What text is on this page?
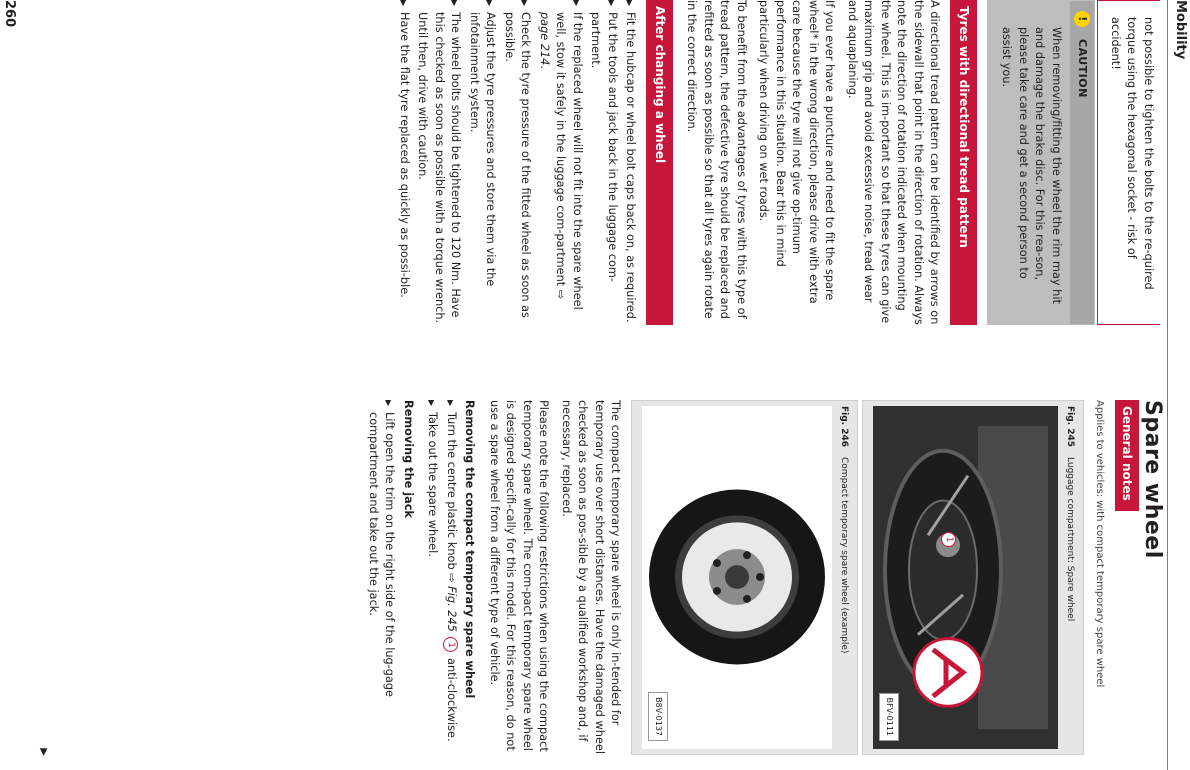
Mobility
not possible to tighten the bolts to the re-quired torque using the hexagonal socket - risk of accident!
!
CAUTION
When removing/fitting the wheel the rim may hit and damage the brake disc. For this rea-son, please take care and get a second person to assist you.
Tyres with directional tread pattern

A directional tread pattern can be identified by arrows on the sidewall that point in the direction of rotation. Always note the direction of rotation indicated when mounting the wheel. This is im-portant so that these tyres can give maximum grip and avoid excessive noise, tread wear and aquaplaning.

If you ever have a puncture and need to fit the spare wheel* in the wrong direction, please drive with extra care because the tyre will not give op-timum performance in this situation. Bear this in mind particularly when driving on wet roads.

To benefit from the advantages of tyres with this type of tread pattern, the defective tyre should be replaced and refitted as soon as possible so that all tyres again rotate in the correct direction.

After changing a wheel
▶ Fit the hubcap or wheel bolt caps back on, as required.
▶ Put the tools and jack back in the luggage com-partment.
▶ If the replaced wheel will not fit into the spare wheel well, stow it safely in the luggage com-partment ⇨ page 214.
▶ Check the tyre pressure of the fitted wheel as soon as possible.
▶ Adjust the tyre pressures and store them via the infotainment system.
▶ The wheel bolts should be tightened to 120 Nm. Have this checked as soon as possible with a torque wrench. Until then, drive with caution.
▶ Have the flat tyre replaced as quickly as possi-ble.
Spare wheel
General notes
Applies to vehicles: with compact temporary spare wheel
Fig. 245Luggage compartment: Spare wheel
1
BFV-0111
Fig. 246Compact temporary spare wheel (example)
B8V-0137

The compact temporary spare wheel is only in-tended for temporary use over short distances. Have the damaged wheel checked as soon as pos-sible by a qualified workshop and, if necessary, replaced.

Please note the following restrictions when using the compact temporary spare wheel. The com-pact temporary spare wheel is designed specifi-cally for this model. For this reason, do not use a spare wheel from a different type of vehicle.

Removing the compact temporary spare wheel
▶ Turn the centre plastic knob ⇨ Fig. 245 1 anti-clockwise.
▶ Take out the spare wheel.
Removing the jack
▶ Lift open the trim on the right side of the lug-gage compartment and take out the jack.
▶
260
